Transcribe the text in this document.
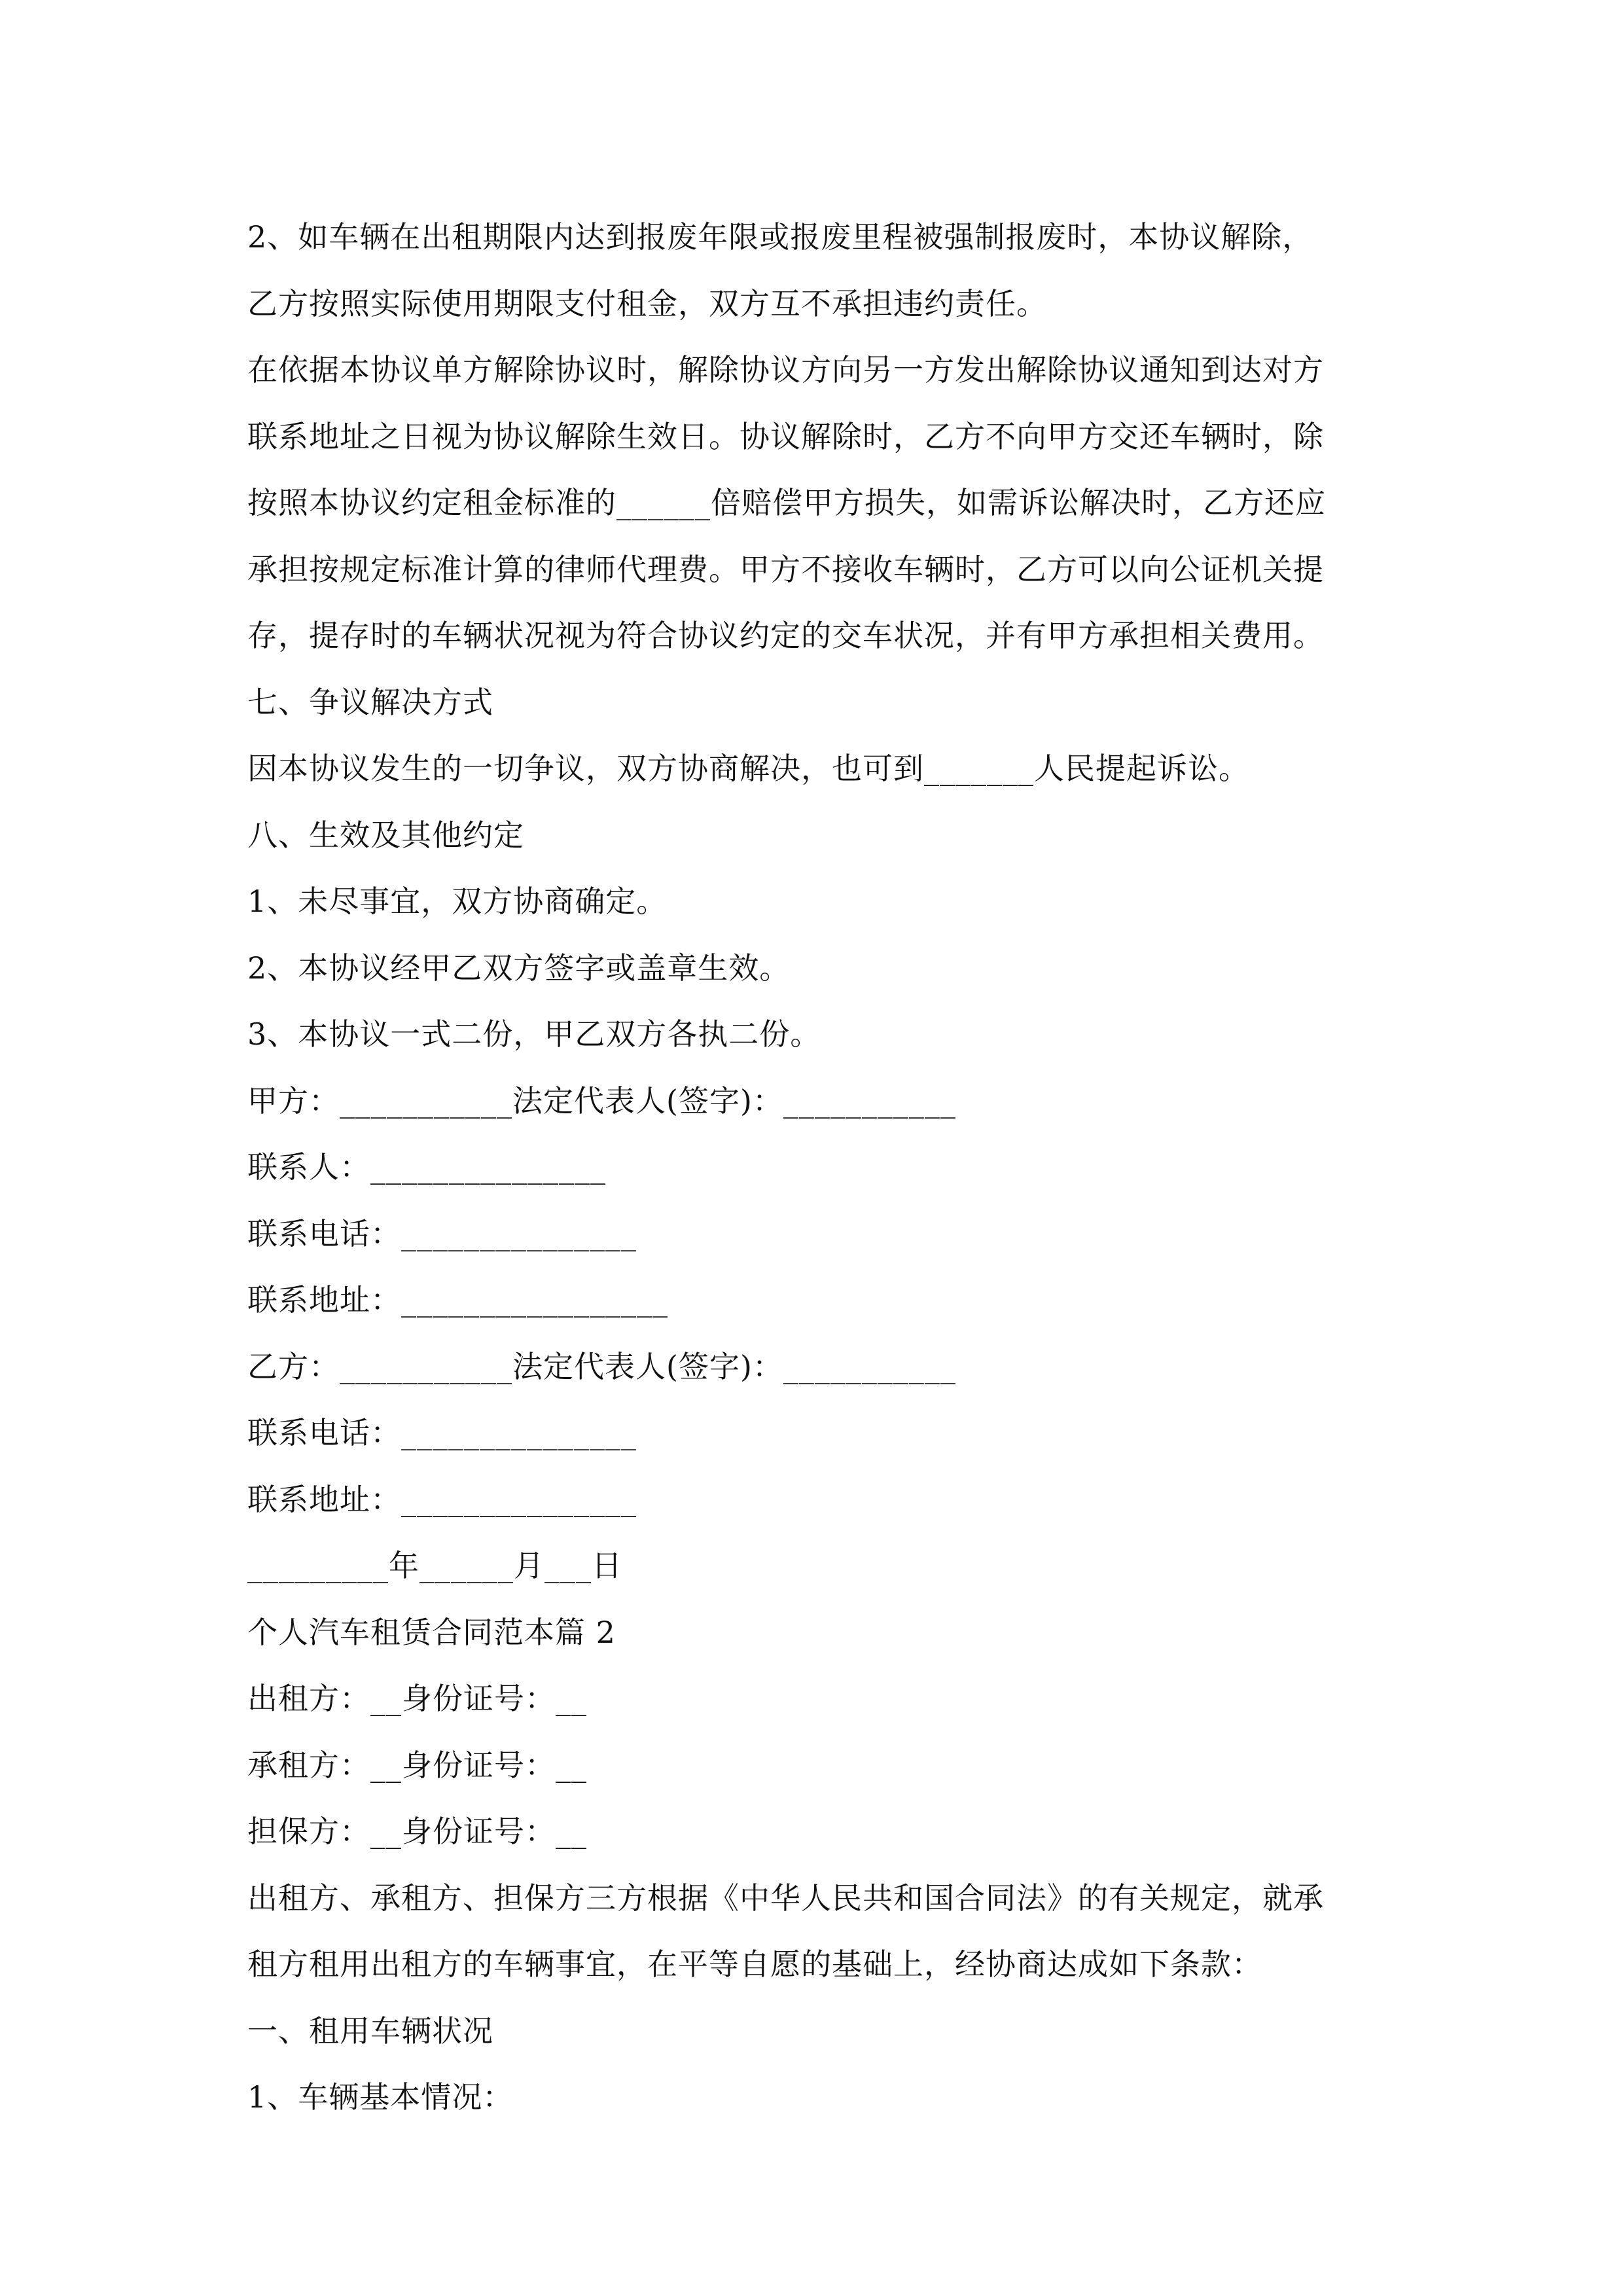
2、如车辆在出租期限内达到报废年限或报废里程被强制报废时，本协议解除，
乙方按照实际使用期限支付租金，双方互不承担违约责任。
在依据本协议单方解除协议时，解除协议方向另一方发出解除协议通知到达对方
联系地址之日视为协议解除生效日。协议解除时，乙方不向甲方交还车辆时，除
按照本协议约定租金标准的______倍赔偿甲方损失，如需诉讼解决时，乙方还应
承担按规定标准计算的律师代理费。甲方不接收车辆时，乙方可以向公证机关提
存，提存时的车辆状况视为符合协议约定的交车状况，并有甲方承担相关费用。
七、争议解决方式
因本协议发生的一切争议，双方协商解决，也可到_______人民提起诉讼。
八、生效及其他约定
1、未尽事宜，双方协商确定。
2、本协议经甲乙双方签字或盖章生效。
3、本协议一式二份，甲乙双方各执二份。
甲方：___________法定代表人(签字)：___________
联系人：_______________
联系电话：_______________
联系地址：_________________
乙方：___________法定代表人(签字)：___________
联系电话：_______________
联系地址：_______________
_________年______月___日
个人汽车租赁合同范本篇 2
出租方：__身份证号：__
承租方：__身份证号：__
担保方：__身份证号：__
出租方、承租方、担保方三方根据《中华人民共和国合同法》的有关规定，就承
租方租用出租方的车辆事宜，在平等自愿的基础上，经协商达成如下条款：
一、租用车辆状况
1、车辆基本情况：
